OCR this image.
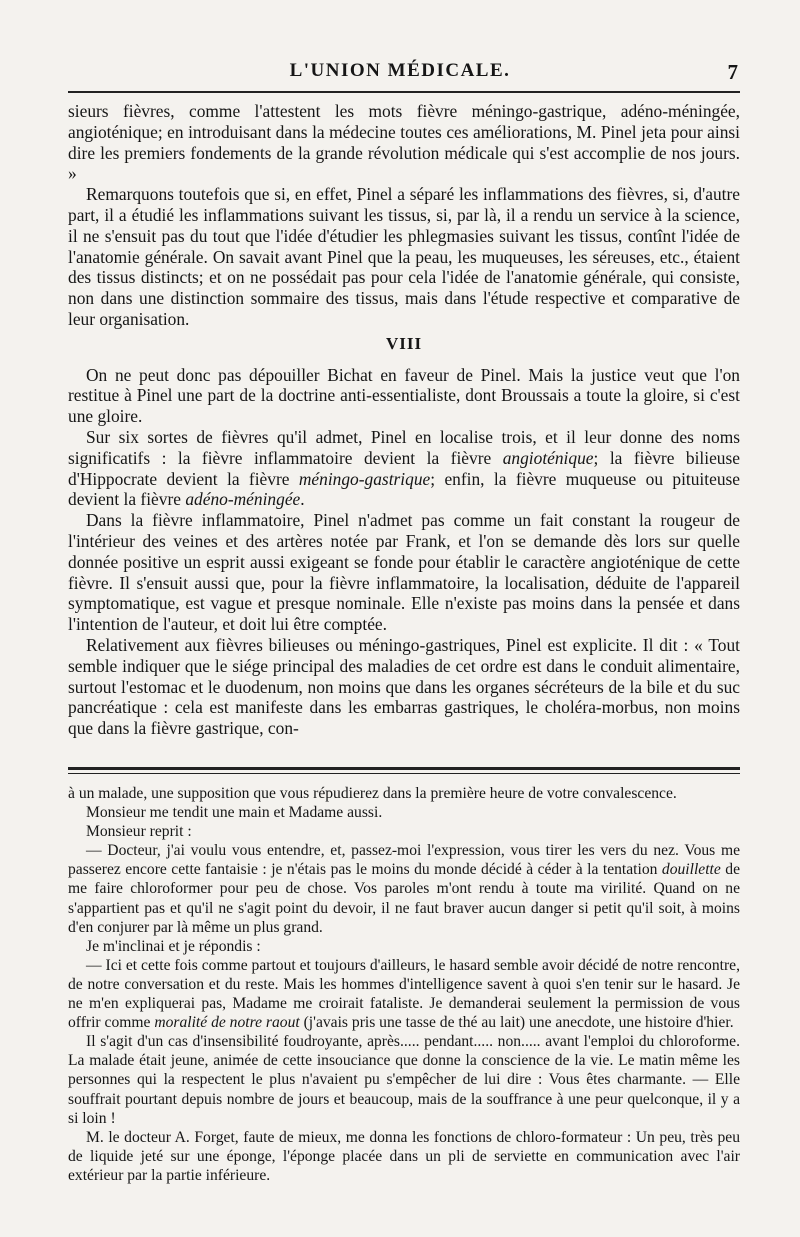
L'UNION MÉDICALE.	7

sieurs fièvres, comme l'attestent les mots fièvre méningo-gastrique, adéno-méningée, angioténique; en introduisant dans la médecine toutes ces améliorations, M. Pinel jeta pour ainsi dire les premiers fondements de la grande révolution médicale qui s'est accomplie de nos jours. »

Remarquons toutefois que si, en effet, Pinel a séparé les inflammations des fièvres, si, d'autre part, il a étudié les inflammations suivant les tissus, si, par là, il a rendu un service à la science, il ne s'ensuit pas du tout que l'idée d'étudier les phlegmasies suivant les tissus, contînt l'idée de l'anatomie générale. On savait avant Pinel que la peau, les muqueuses, les séreuses, etc., étaient des tissus distincts; et on ne possédait pas pour cela l'idée de l'anatomie générale, qui consiste, non dans une distinction sommaire des tissus, mais dans l'étude respective et comparative de leur organisation.

VIII

On ne peut donc pas dépouiller Bichat en faveur de Pinel. Mais la justice veut que l'on restitue à Pinel une part de la doctrine anti-essentialiste, dont Broussais a toute la gloire, si c'est une gloire.

Sur six sortes de fièvres qu'il admet, Pinel en localise trois, et il leur donne des noms significatifs : la fièvre inflammatoire devient la fièvre angioténique; la fièvre bilieuse d'Hippocrate devient la fièvre méningo-gastrique; enfin, la fièvre muqueuse ou pituiteuse devient la fièvre adéno-méningée.

Dans la fièvre inflammatoire, Pinel n'admet pas comme un fait constant la rougeur de l'intérieur des veines et des artères notée par Frank, et l'on se demande dès lors sur quelle donnée positive un esprit aussi exigeant se fonde pour établir le caractère angioténique de cette fièvre. Il s'ensuit aussi que, pour la fièvre inflammatoire, la localisation, déduite de l'appareil symptomatique, est vague et presque nominale. Elle n'existe pas moins dans la pensée et dans l'intention de l'auteur, et doit lui être comptée.

Relativement aux fièvres bilieuses ou méningo-gastriques, Pinel est explicite. Il dit : « Tout semble indiquer que le siége principal des maladies de cet ordre est dans le conduit alimentaire, surtout l'estomac et le duodenum, non moins que dans les organes sécréteurs de la bile et du suc pancréatique : cela est manifeste dans les embarras gastriques, le choléra-morbus, non moins que dans la fièvre gastrique, con-

à un malade, une supposition que vous répudierez dans la première heure de votre convalescence.

Monsieur me tendit une main et Madame aussi.

Monsieur reprit :

— Docteur, j'ai voulu vous entendre, et, passez-moi l'expression, vous tirer les vers du nez. Vous me passerez encore cette fantaisie : je n'étais pas le moins du monde décidé à céder à la tentation douillette de me faire chloroformer pour peu de chose. Vos paroles m'ont rendu à toute ma virilité. Quand on ne s'appartient pas et qu'il ne s'agit point du devoir, il ne faut braver aucun danger si petit qu'il soit, à moins d'en conjurer par là même un plus grand.

Je m'inclinai et je répondis :

— Ici et cette fois comme partout et toujours d'ailleurs, le hasard semble avoir décidé de notre rencontre, de notre conversation et du reste. Mais les hommes d'intelligence savent à quoi s'en tenir sur le hasard. Je ne m'en expliquerai pas, Madame me croirait fataliste. Je demanderai seulement la permission de vous offrir comme moralité de notre raout (j'avais pris une tasse de thé au lait) une anecdote, une histoire d'hier.

Il s'agit d'un cas d'insensibilité foudroyante, après..... pendant..... non..... avant l'emploi du chloroforme. La malade était jeune, animée de cette insouciance que donne la conscience de la vie. Le matin même les personnes qui la respectent le plus n'avaient pu s'empêcher de lui dire : Vous êtes charmante. — Elle souffrait pourtant depuis nombre de jours et beaucoup, mais de la souffrance à une peur quelconque, il y a si loin !

M. le docteur A. Forget, faute de mieux, me donna les fonctions de chloro-formateur : Un peu, très peu de liquide jeté sur une éponge, l'éponge placée dans un pli de serviette en communication avec l'air extérieur par la partie inférieure.
